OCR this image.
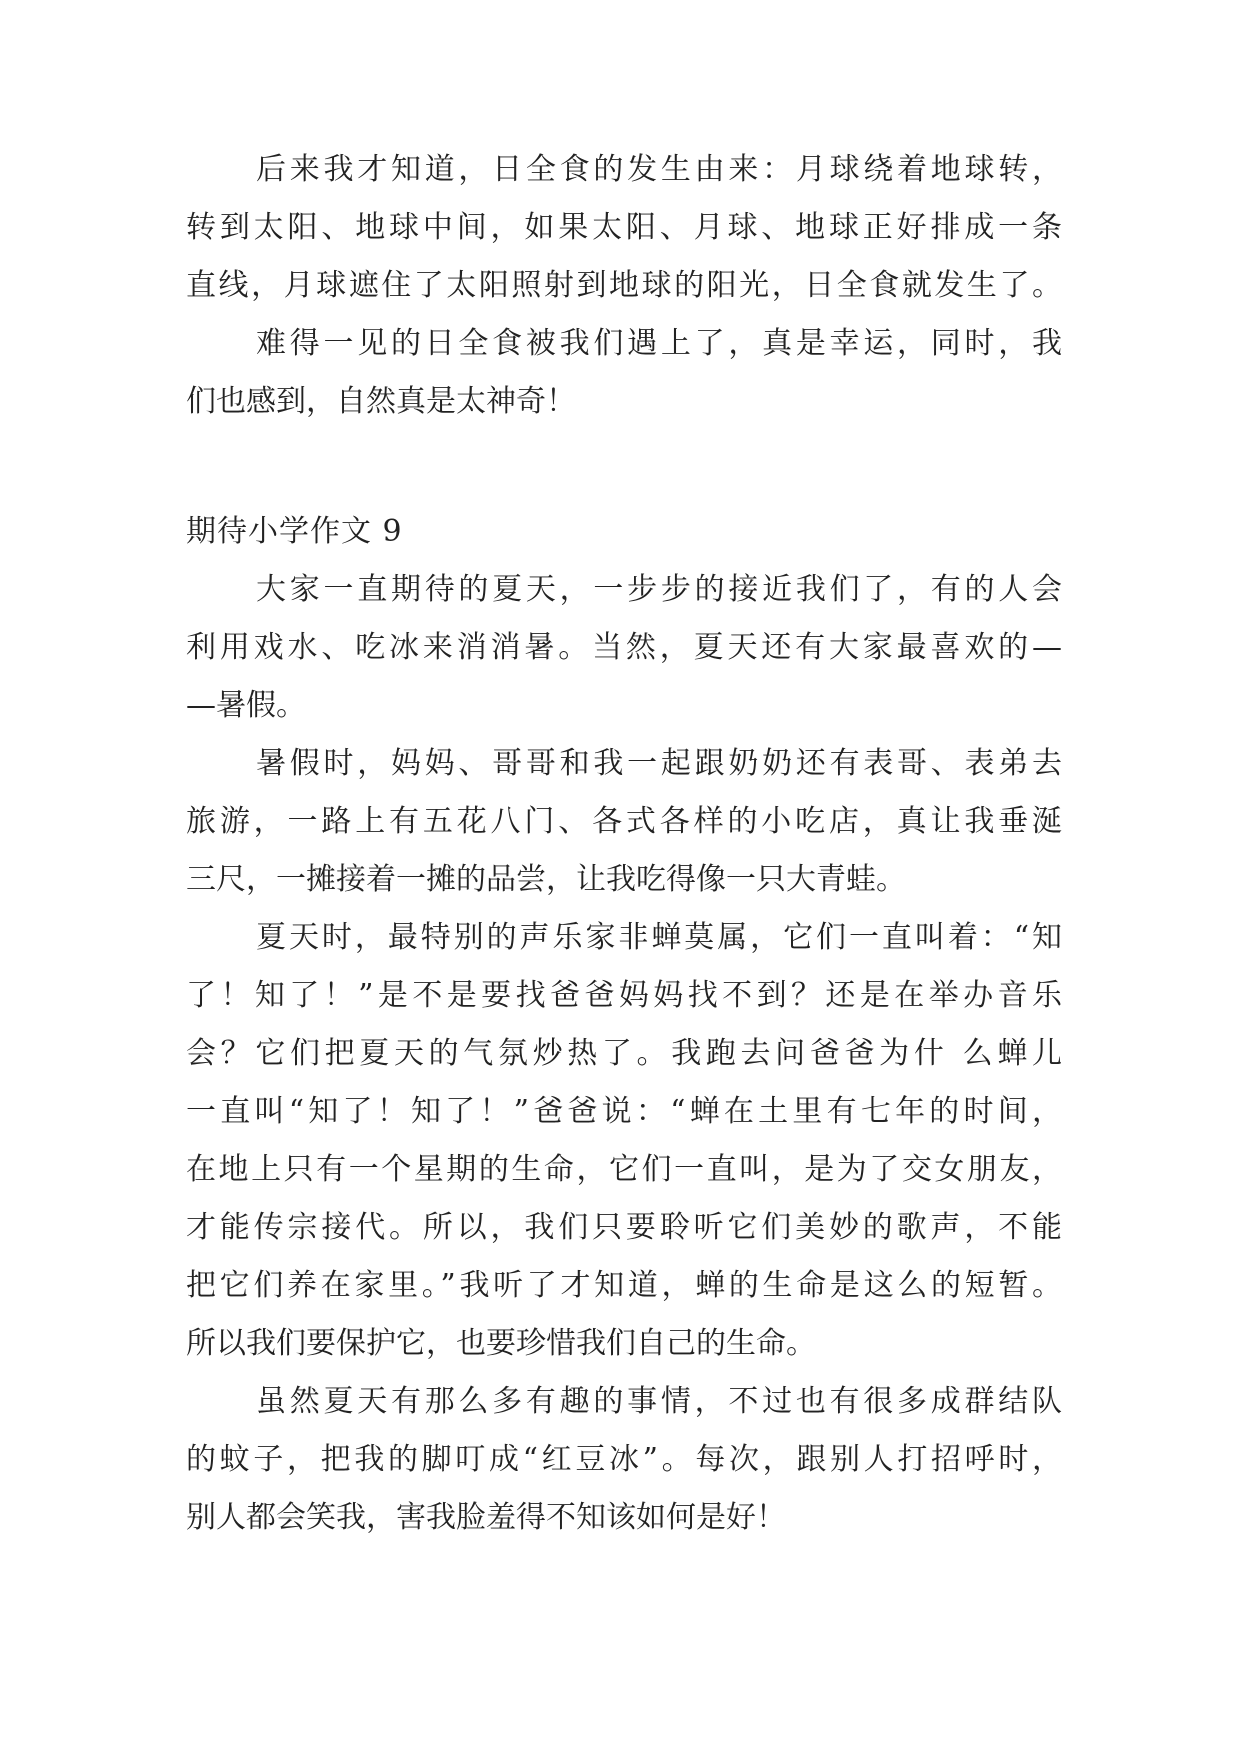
后来我才知道，日全食的发生由来：月球绕着地球转，

转到太阳、地球中间，如果太阳、月球、地球正好排成一条

直线，月球遮住了太阳照射到地球的阳光，日全食就发生了。

难得一见的日全食被我们遇上了，真是幸运，同时，我

们也感到，自然真是太神奇！

期待小学作文 9

大家一直期待的夏天，一步步的接近我们了，有的人会

利用戏水、吃冰来消消暑。当然，夏天还有大家最喜欢的—

—暑假。

暑假时，妈妈、哥哥和我一起跟奶奶还有表哥、表弟去

旅游，一路上有五花八门、各式各样的小吃店，真让我垂涎

三尺，一摊接着一摊的品尝，让我吃得像一只大青蛙。

夏天时，最特别的声乐家非蝉莫属，它们一直叫着：“知

了！知了！”是不是要找爸爸妈妈找不到？还是在举办音乐

会？它们把夏天的气氛炒热了。我跑去问爸爸为什 么蝉儿

一直叫“知了！知了！”爸爸说：“蝉在土里有七年的时间，

在地上只有一个星期的生命，它们一直叫，是为了交女朋友，

才能传宗接代。所以，我们只要聆听它们美妙的歌声，不能

把它们养在家里。”我听了才知道，蝉的生命是这么的短暂。

所以我们要保护它，也要珍惜我们自己的生命。

虽然夏天有那么多有趣的事情，不过也有很多成群结队

的蚊子，把我的脚叮成“红豆冰”。每次，跟别人打招呼时，

别人都会笑我，害我脸羞得不知该如何是好！
